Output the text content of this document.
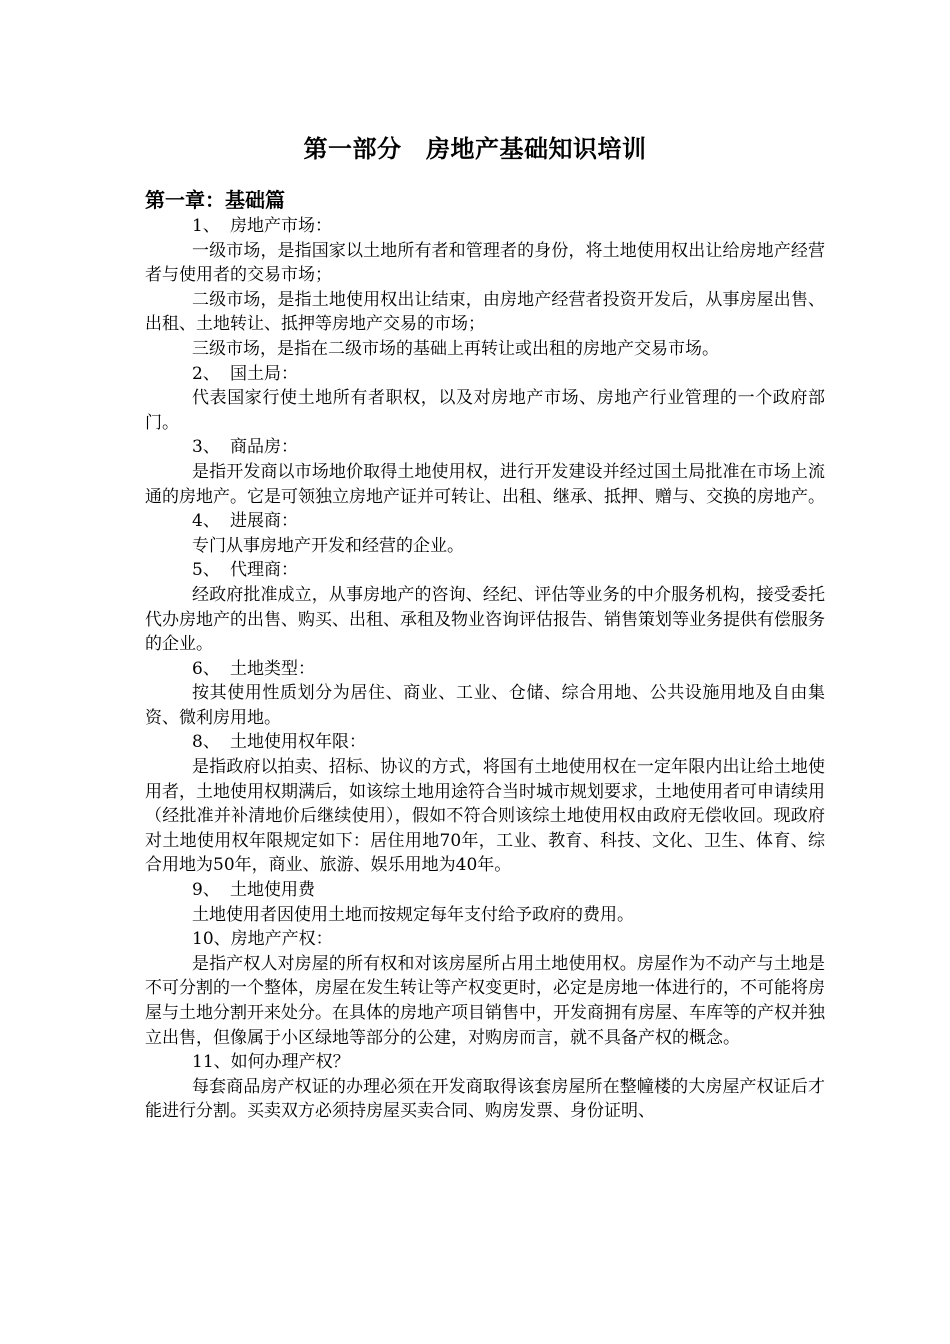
第一部分　房地产基础知识培训
第一章：基础篇

1、 房地产市场：

一级市场，是指国家以土地所有者和管理者的身份，将土地使用权出让给房地产经营者与使用者的交易市场；

二级市场，是指土地使用权出让结束，由房地产经营者投资开发后，从事房屋出售、出租、土地转让、抵押等房地产交易的市场；

三级市场，是指在二级市场的基础上再转让或出租的房地产交易市场。

2、 国土局：

代表国家行使土地所有者职权，以及对房地产市场、房地产行业管理的一个政府部门。

3、 商品房：

是指开发商以市场地价取得土地使用权，进行开发建设并经过国土局批准在市场上流通的房地产。它是可领独立房地产证并可转让、出租、继承、抵押、赠与、交换的房地产。

4、 进展商：

专门从事房地产开发和经营的企业。

5、 代理商：

经政府批准成立，从事房地产的咨询、经纪、评估等业务的中介服务机构，接受委托代办房地产的出售、购买、出租、承租及物业咨询评估报告、销售策划等业务提供有偿服务的企业。

6、 土地类型：

按其使用性质划分为居住、商业、工业、仓储、综合用地、公共设施用地及自由集资、微利房用地。

8、 土地使用权年限：

是指政府以拍卖、招标、协议的方式，将国有土地使用权在一定年限内出让给土地使用者，土地使用权期满后，如该综土地用途符合当时城市规划要求，土地使用者可申请续用（经批准并补清地价后继续使用），假如不符合则该综土地使用权由政府无偿收回。现政府对土地使用权年限规定如下：居住用地70年，工业、教育、科技、文化、卫生、体育、综合用地为50年，商业、旅游、娱乐用地为40年。

9、 土地使用费

土地使用者因使用土地而按规定每年支付给予政府的费用。

10、房地产产权：

是指产权人对房屋的所有权和对该房屋所占用土地使用权。房屋作为不动产与土地是不可分割的一个整体，房屋在发生转让等产权变更时，必定是房地一体进行的，不可能将房屋与土地分割开来处分。在具体的房地产项目销售中，开发商拥有房屋、车库等的产权并独立出售，但像属于小区绿地等部分的公建，对购房而言，就不具备产权的概念。

11、如何办理产权？

每套商品房产权证的办理必须在开发商取得该套房屋所在整幢楼的大房屋产权证后才能进行分割。买卖双方必须持房屋买卖合同、购房发票、身份证明、
